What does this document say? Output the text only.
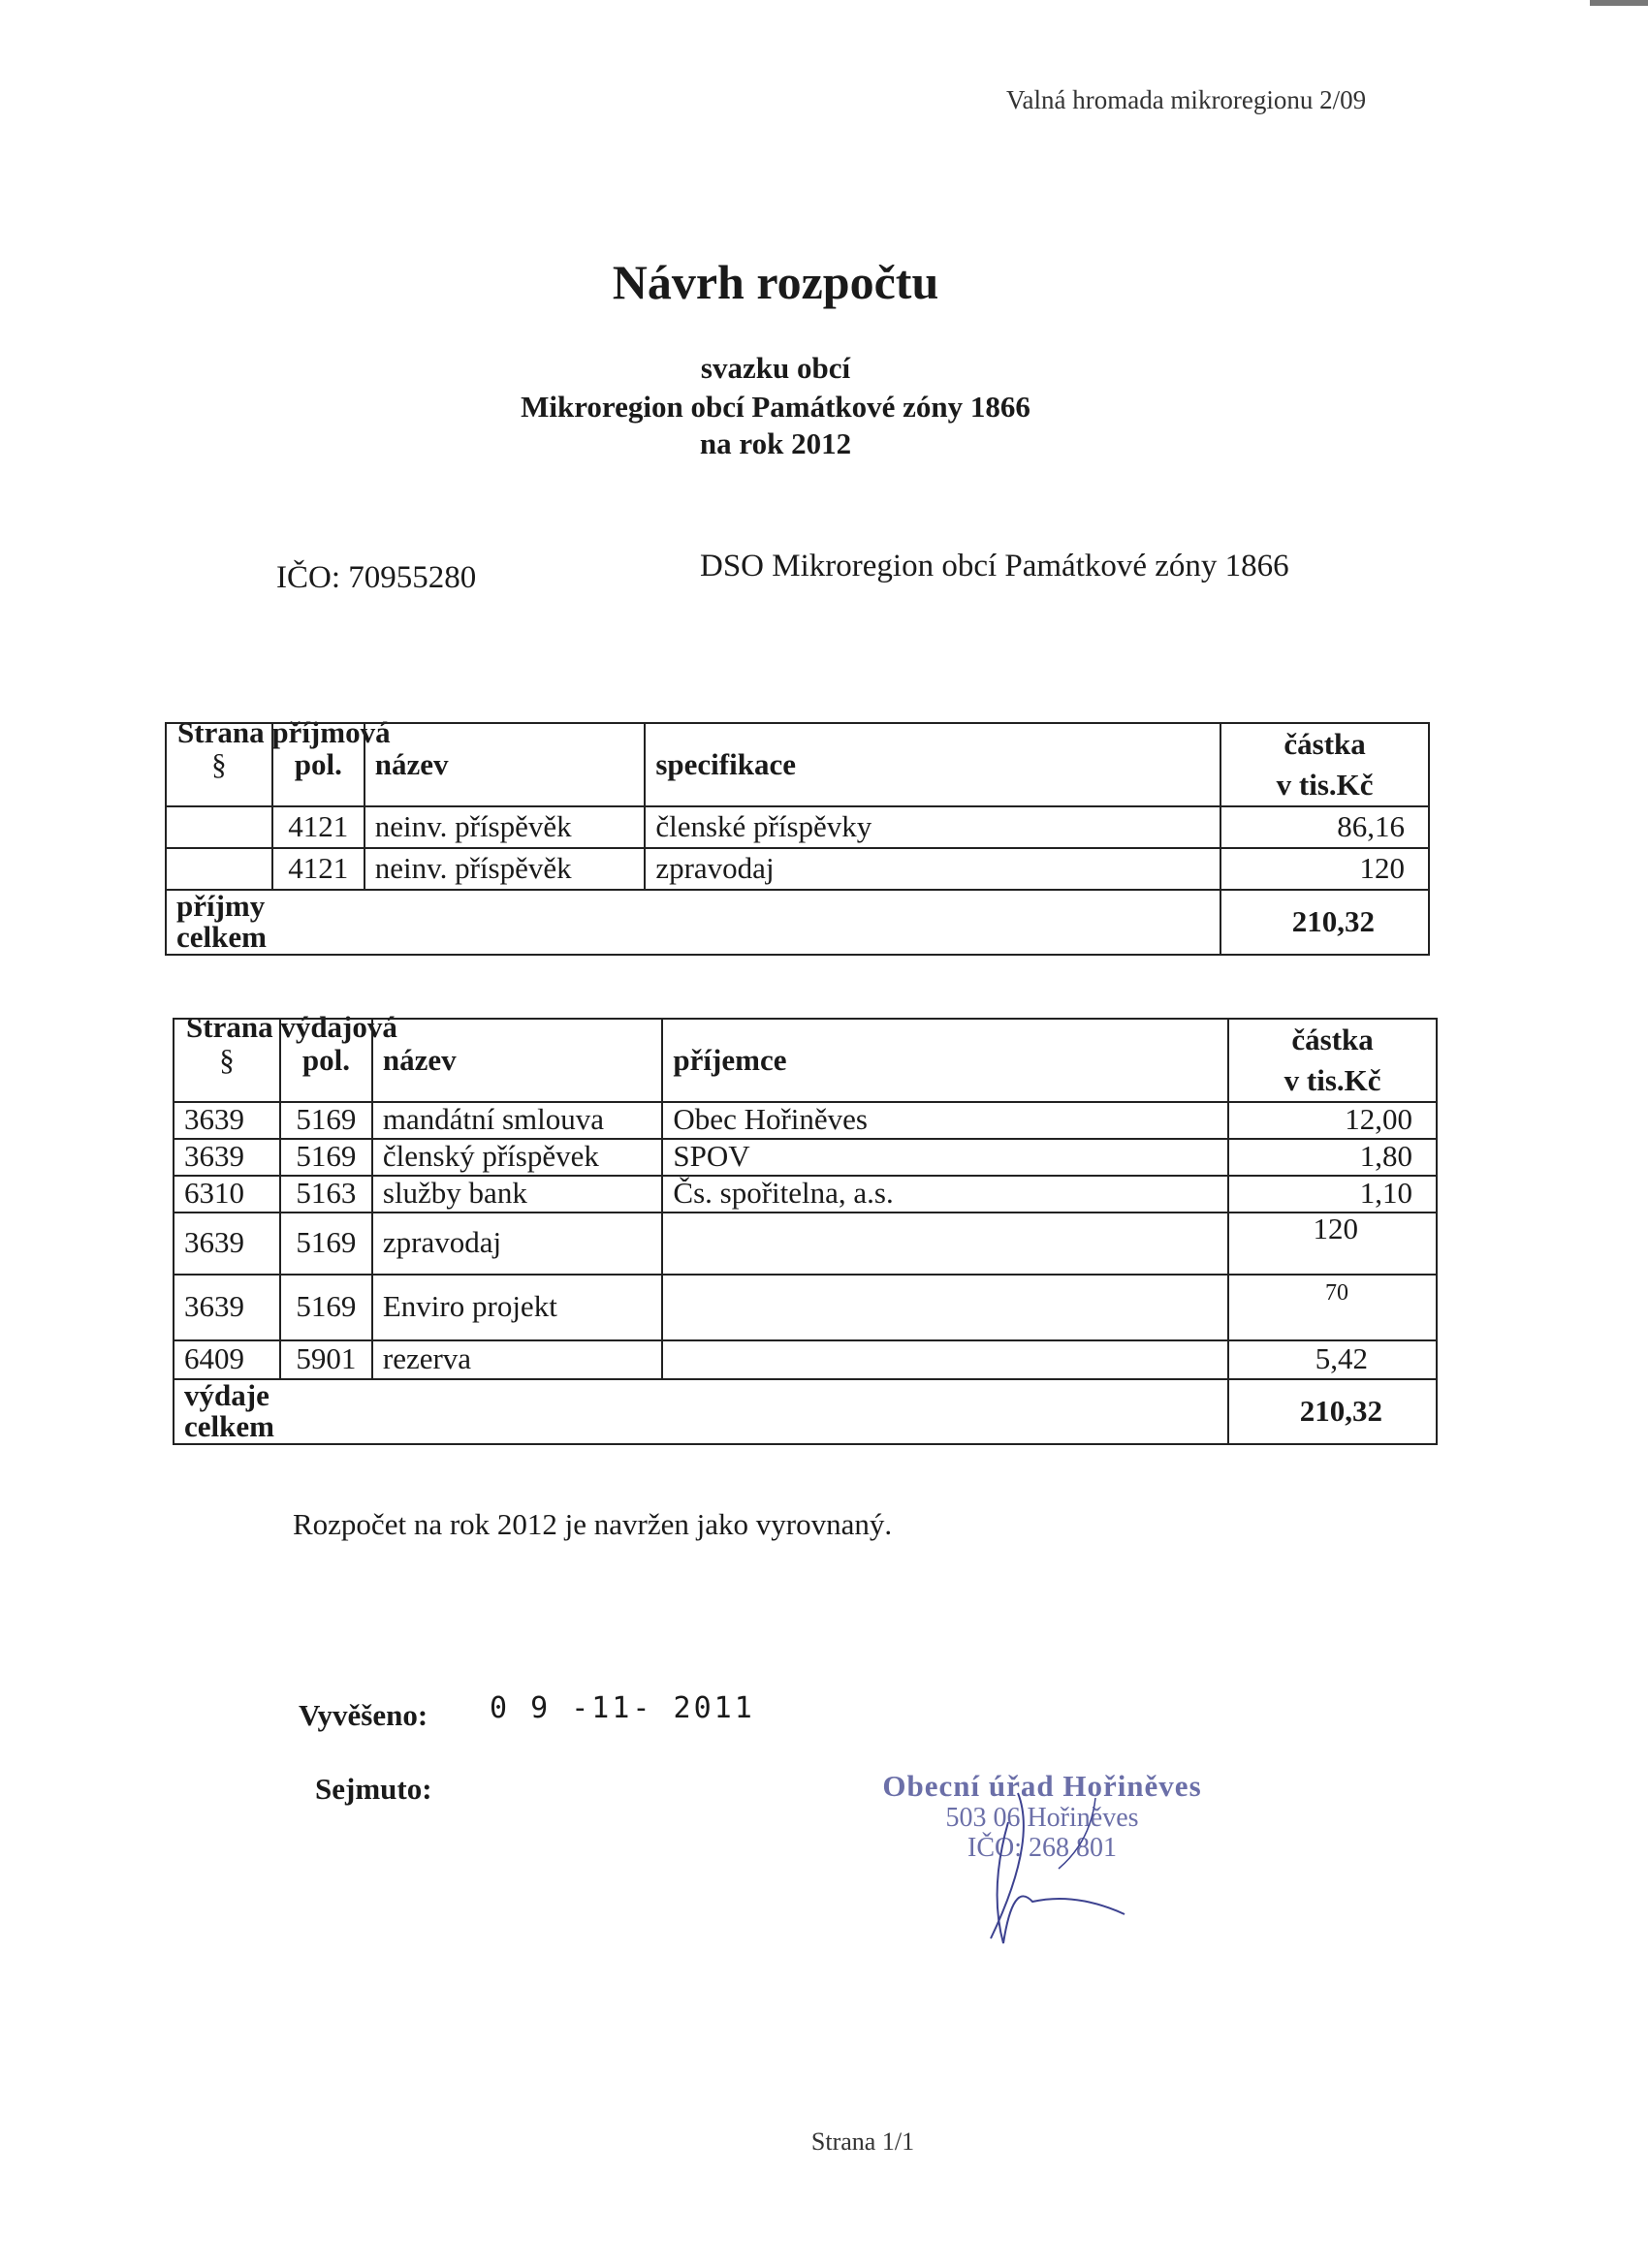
Valná hromada mikroregionu 2/09
Návrh rozpočtu
svazku obcí
Mikroregion obcí Památkové zóny 1866
na rok 2012
IČO: 70955280	DSO Mikroregion obcí Památkové zóny 1866
Strana příjmová
§	pol.	název	specifikace	částka
v tis.Kč

	4121	neinv. příspěvěk	členské příspěvky	86,16
	4121	neinv. příspěvěk	zpravodaj	120
příjmy celkem				210,32
Strana výdajová
§	pol.	název	příjemce	částka
v tis.Kč

3639	5169	mandátní smlouva	Obec Hořiněves	12,00
3639	5169	členský příspěvek	SPOV	1,80
6310	5163	služby bank	Čs. spořitelna, a.s.	1,10
3639	5169	zpravodaj		120
3639	5169	Enviro projekt		70
6409	5901	rezerva		5,42
výdaje celkem				210,32
Rozpočet na rok 2012 je navržen jako vyrovnaný.
Vyvěšeno: 0 9 -11- 2011
Sejmuto:	Obecní úřad Hořiněves
503 06 Hořiněves
IČO: 268 801
Strana 1/1
